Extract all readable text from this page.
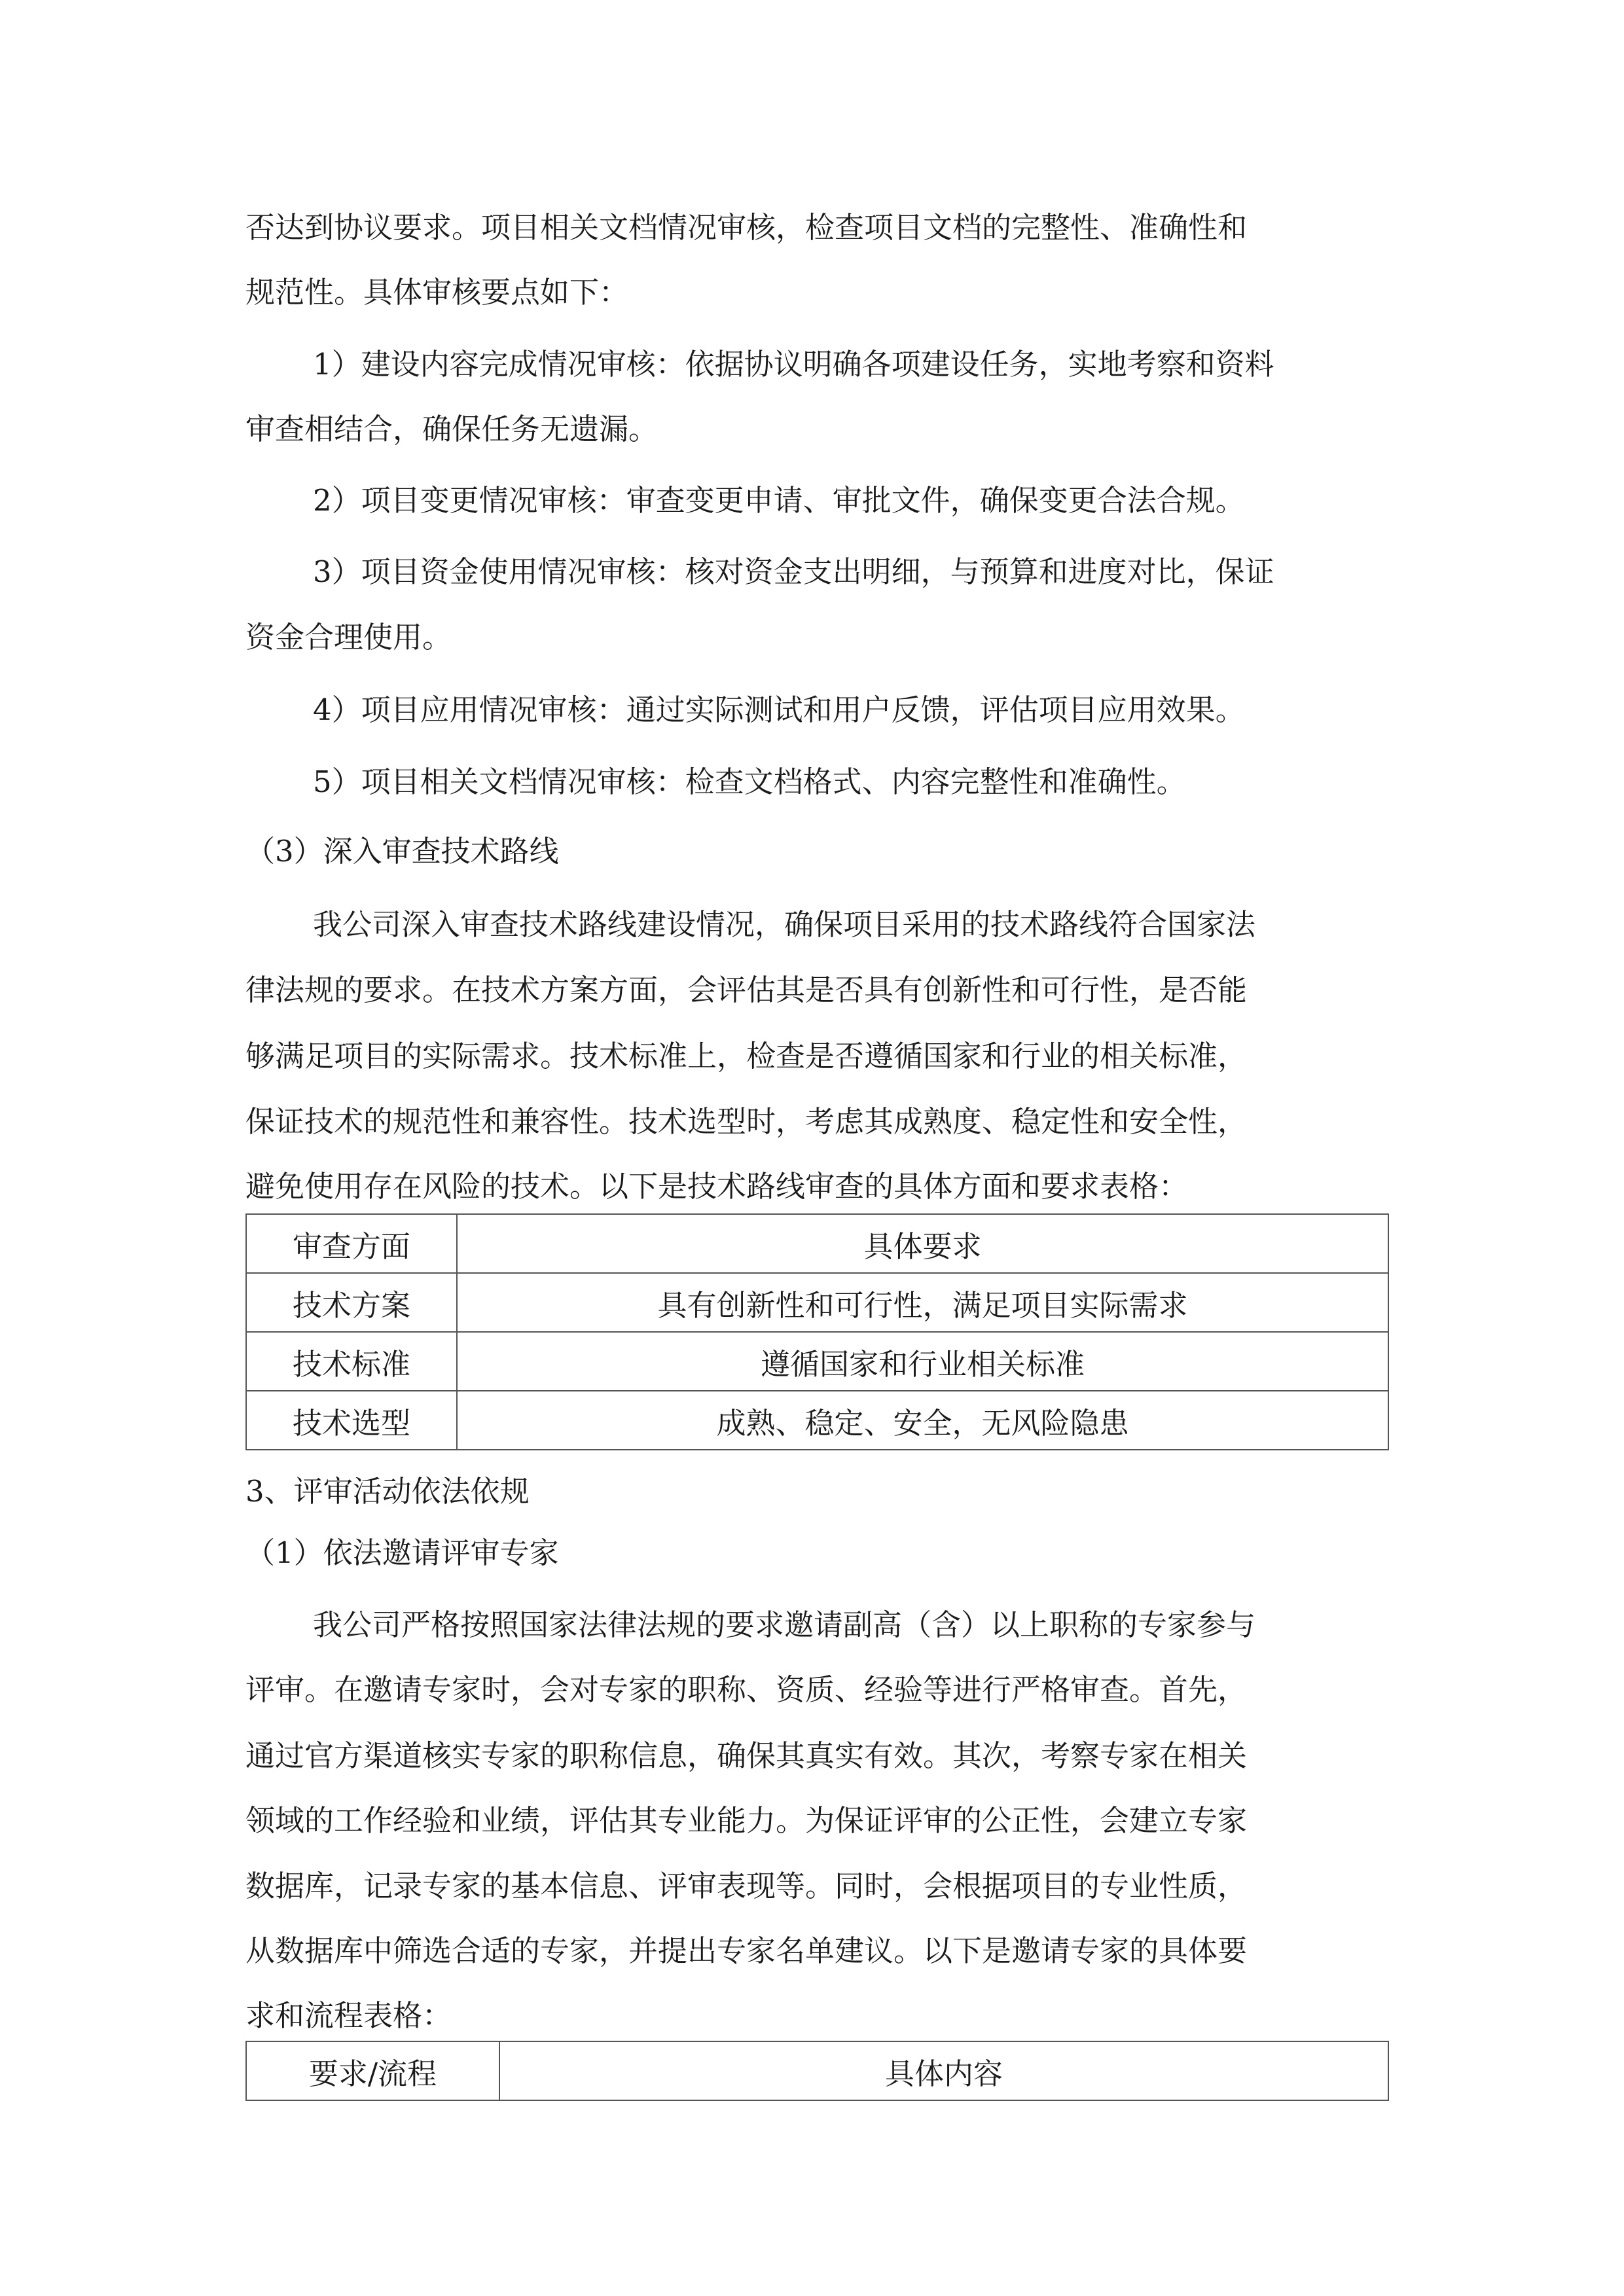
否达到协议要求。项目相关文档情况审核，检查项目文档的完整性、准确性和
规范性。具体审核要点如下：
1）建设内容完成情况审核：依据协议明确各项建设任务，实地考察和资料
审查相结合，确保任务无遗漏。
2）项目变更情况审核：审查变更申请、审批文件，确保变更合法合规。
3）项目资金使用情况审核：核对资金支出明细，与预算和进度对比，保证
资金合理使用。
4）项目应用情况审核：通过实际测试和用户反馈，评估项目应用效果。
5）项目相关文档情况审核：检查文档格式、内容完整性和准确性。
（3）深入审查技术路线
我公司深入审查技术路线建设情况，确保项目采用的技术路线符合国家法
律法规的要求。在技术方案方面，会评估其是否具有创新性和可行性，是否能
够满足项目的实际需求。技术标准上，检查是否遵循国家和行业的相关标准，
保证技术的规范性和兼容性。技术选型时，考虑其成熟度、稳定性和安全性，
避免使用存在风险的技术。以下是技术路线审查的具体方面和要求表格：
审查方面	具体要求
技术方案	具有创新性和可行性，满足项目实际需求
技术标准	遵循国家和行业相关标准
技术选型	成熟、稳定、安全，无风险隐患
3、评审活动依法依规
（1）依法邀请评审专家
我公司严格按照国家法律法规的要求邀请副高（含）以上职称的专家参与
评审。在邀请专家时，会对专家的职称、资质、经验等进行严格审查。首先，
通过官方渠道核实专家的职称信息，确保其真实有效。其次，考察专家在相关
领域的工作经验和业绩，评估其专业能力。为保证评审的公正性，会建立专家
数据库，记录专家的基本信息、评审表现等。同时，会根据项目的专业性质，
从数据库中筛选合适的专家，并提出专家名单建议。以下是邀请专家的具体要
求和流程表格：
要求/流程	具体内容
